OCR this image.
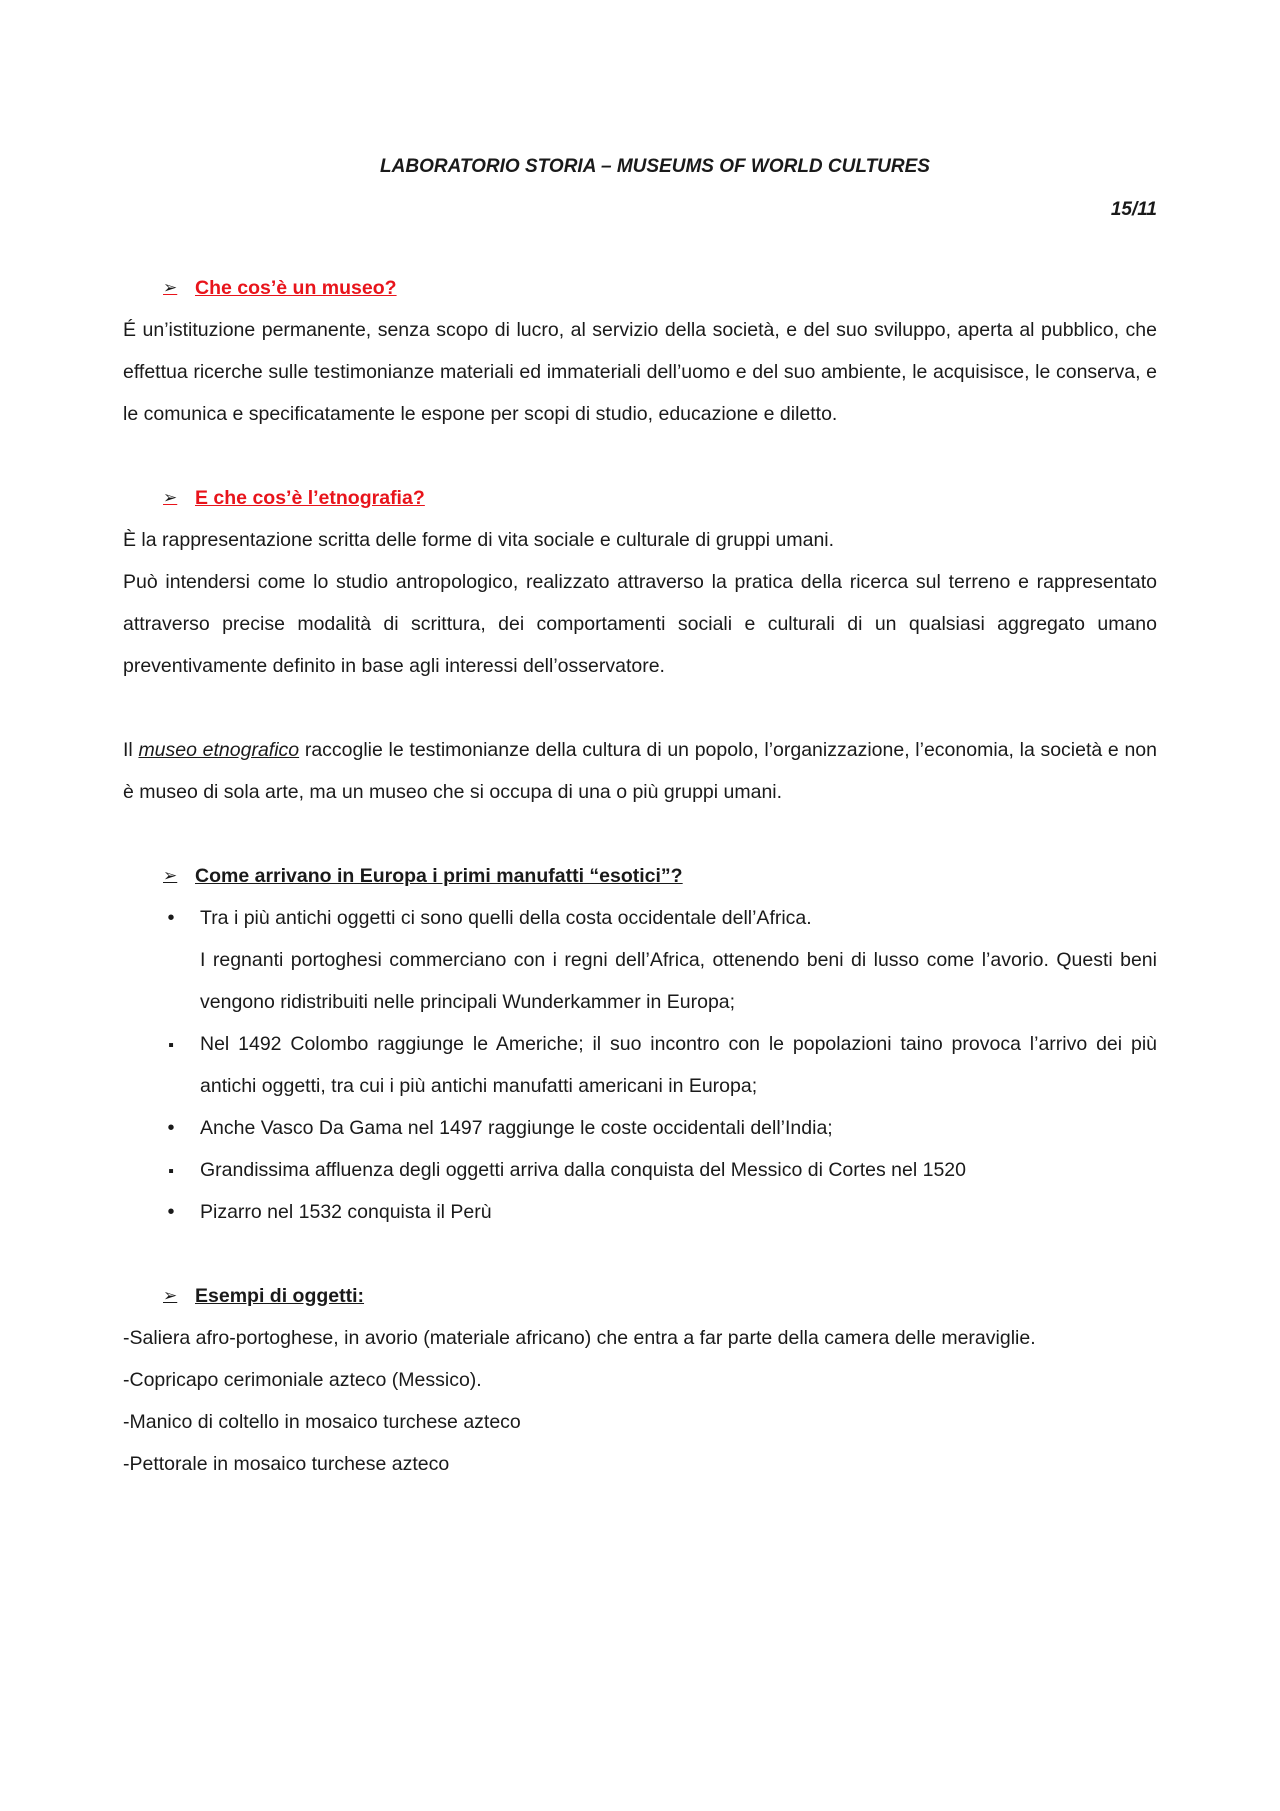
LABORATORIO STORIA – MUSEUMS OF WORLD CULTURES

15/11

➢ Che cos’è un museo?

É un’istituzione permanente, senza scopo di lucro, al servizio della società, e del suo sviluppo, aperta al pubblico, che effettua ricerche sulle testimonianze materiali ed immateriali dell’uomo e del suo ambiente, le acquisisce, le conserva, e le comunica e specificatamente le espone per scopi di studio, educazione e diletto.

➢ E che cos’è l’etnografia?

È la rappresentazione scritta delle forme di vita sociale e culturale di gruppi umani.

Può intendersi come lo studio antropologico, realizzato attraverso la pratica della ricerca sul terreno e rappresentato attraverso precise modalità di scrittura, dei comportamenti sociali e culturali di un qualsiasi aggregato umano preventivamente definito in base agli interessi dell’osservatore.

Il museo etnografico raccoglie le testimonianze della cultura di un popolo, l’organizzazione, l’economia, la società e non è museo di sola arte, ma un museo che si occupa di una o più gruppi umani.

➢ Come arrivano in Europa i primi manufatti “esotici”?
•
Tra i più antichi oggetti ci sono quelli della costa occidentale dell’Africa.
I regnanti portoghesi commerciano con i regni dell’Africa, ottenendo beni di lusso come l’avorio. Questi beni vengono ridistribuiti nelle principali Wunderkammer in Europa;
▪
Nel 1492 Colombo raggiunge le Americhe; il suo incontro con le popolazioni taino provoca l’arrivo dei più antichi oggetti, tra cui i più antichi manufatti americani in Europa;
•
Anche Vasco Da Gama nel 1497 raggiunge le coste occidentali dell’India;
▪
Grandissima affluenza degli oggetti arriva dalla conquista del Messico di Cortes nel 1520
•
Pizarro nel 1532 conquista il Perù
➢ Esempi di oggetti:

-Saliera afro-portoghese, in avorio (materiale africano) che entra a far parte della camera delle meraviglie.

-Copricapo cerimoniale azteco (Messico).

-Manico di coltello in mosaico turchese azteco

-Pettorale in mosaico turchese azteco
